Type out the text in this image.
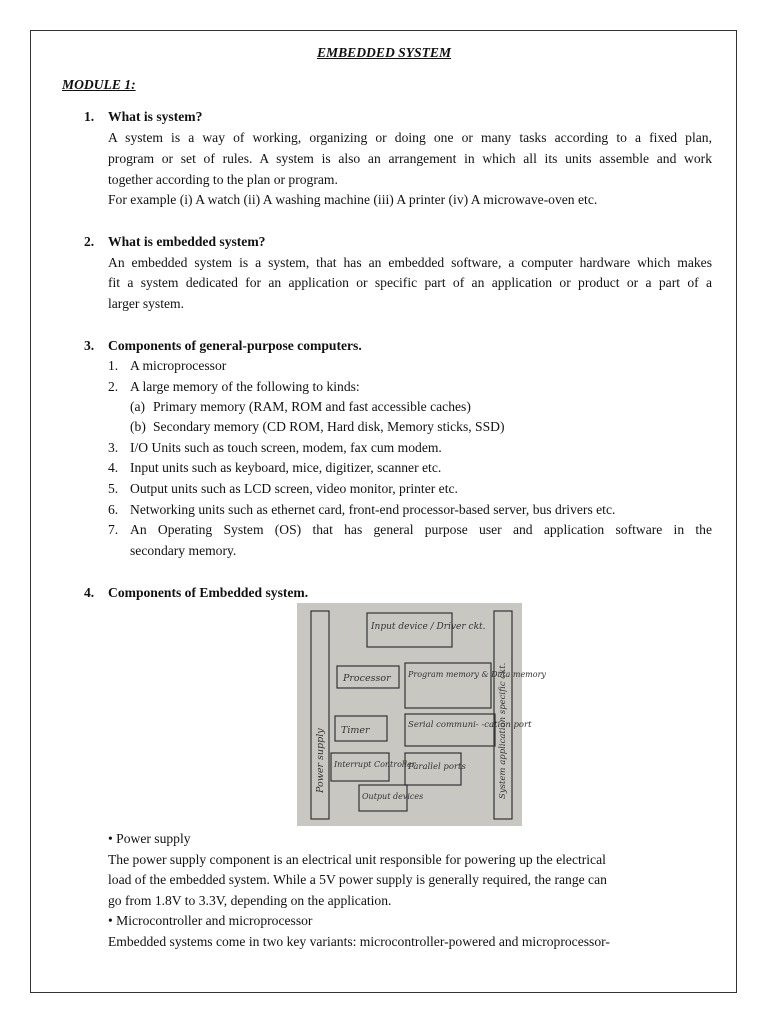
EMBEDDED SYSTEM
MODULE 1:
1. What is system?
A system is a way of working, organizing or doing one or many tasks according to a fixed plan,
program or set of rules. A system is also an arrangement in which all its units assemble and work
together according to the plan or program.
For example (i) A watch (ii) A washing machine (iii) A printer (iv) A microwave-oven etc.
2. What is embedded system?
An embedded system is a system, that has an embedded software, a computer hardware which makes
fit a system dedicated for an application or specific part of an application or product or a part of a
larger system.
3. Components of general-purpose computers.
1. A microprocessor
2. A large memory of the following to kinds:
(a) Primary memory (RAM, ROM and fast accessible caches)
(b) Secondary memory (CD ROM, Hard disk, Memory sticks, SSD)
3. I/O Units such as touch screen, modem, fax cum modem.
4. Input units such as keyboard, mice, digitizer, scanner etc.
5. Output units such as LCD screen, video monitor, printer etc.
6. Networking units such as ethernet card, front-end processor-based server, bus drivers etc.
7. An Operating System (OS) that has general purpose user and application software in the
secondary memory.
4. Components of Embedded system.
Power supply	System application specific ckt.
Input device / Driver ckt.
Processor Program memory & Data memory
Timer	Serial communi- -cation port
Interrupt Controller
Parallel ports
Output devices
• Power supply
The power supply component is an electrical unit responsible for powering up the electrical
load of the embedded system. While a 5V power supply is generally required, the range can
go from 1.8V to 3.3V, depending on the application.
• Microcontroller and microprocessor
Embedded systems come in two key variants: microcontroller-powered and microprocessor-
